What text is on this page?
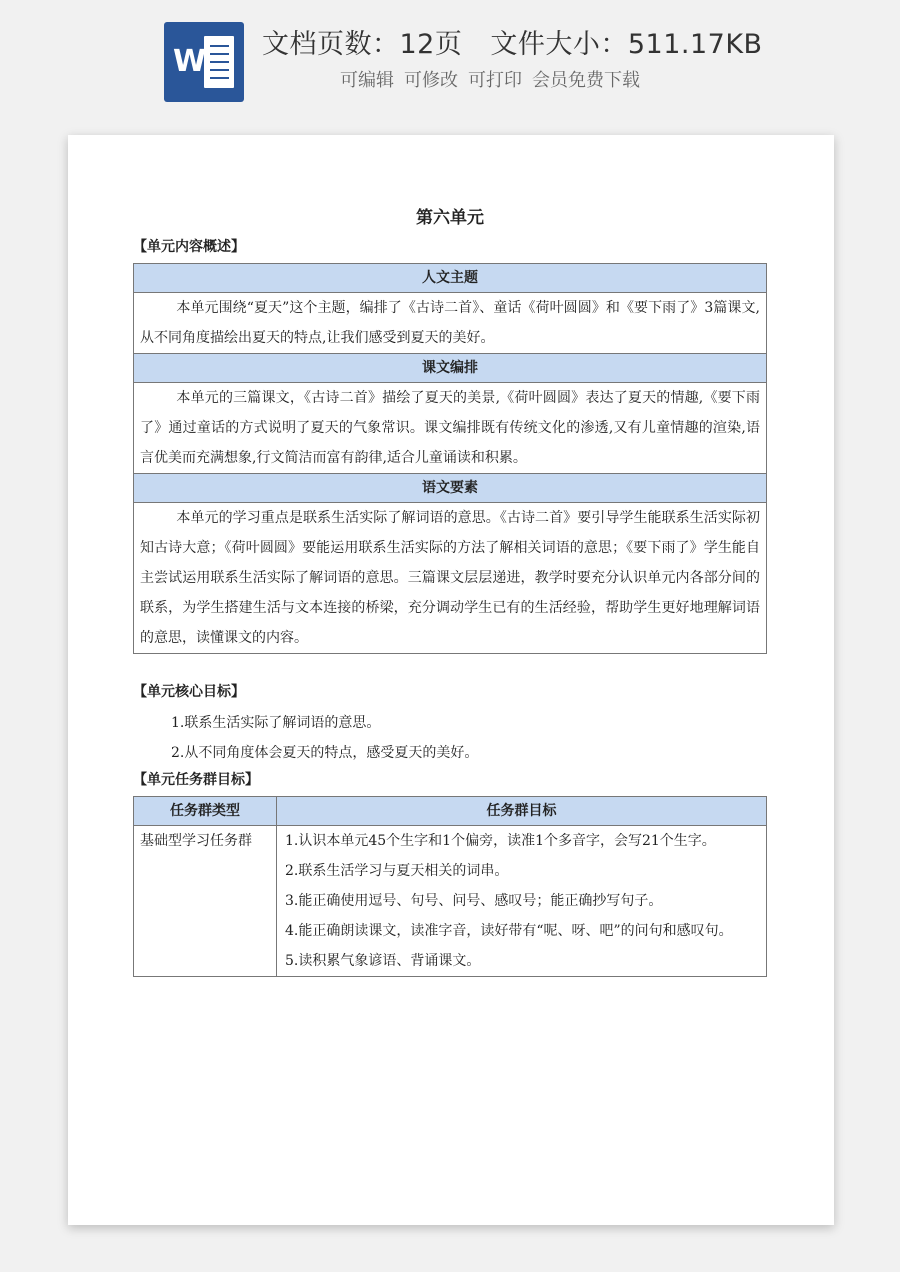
W 文档页数：12页 文件大小：511.17KB
可编辑 可修改 可打印 会员免费下载
第六单元
【单元内容概述】
人文主题
本单元围绕“夏天”这个主题，编排了《古诗二首》、童话《荷叶圆圆》和《要下雨了》3篇课文,从不同角度描绘出夏天的特点,让我们感受到夏天的美好。
课文编排
本单元的三篇课文，《古诗二首》描绘了夏天的美景,《荷叶圆圆》表达了夏天的情趣,《要下雨了》通过童话的方式说明了夏天的气象常识。课文编排既有传统文化的渗透,又有儿童情趣的渲染,语言优美而充满想象,行文简洁而富有韵律,适合儿童诵读和积累。
语文要素
本单元的学习重点是联系生活实际了解词语的意思。《古诗二首》要引导学生能联系生活实际初知古诗大意；《荷叶圆圆》要能运用联系生活实际的方法了解相关词语的意思；《要下雨了》学生能自主尝试运用联系生活实际了解词语的意思。三篇课文层层递进，教学时要充分认识单元内各部分间的联系，为学生搭建生活与文本连接的桥梁，充分调动学生已有的生活经验，帮助学生更好地理解词语的意思，读懂课文的内容。
【单元核心目标】
1.联系生活实际了解词语的意思。
2.从不同角度体会夏天的特点，感受夏天的美好。
【单元任务群目标】
任务群类型	任务群目标
基础型学习任务群	1.认识本单元45个生字和1个偏旁，读准1个多音字，会写21个生字。
2.联系生活学习与夏天相关的词串。
3.能正确使用逗号、句号、问号、感叹号；能正确抄写句子。
4.能正确朗读课文，读准字音，读好带有“呢、呀、吧”的问句和感叹句。
5.读积累气象谚语、背诵课文。
